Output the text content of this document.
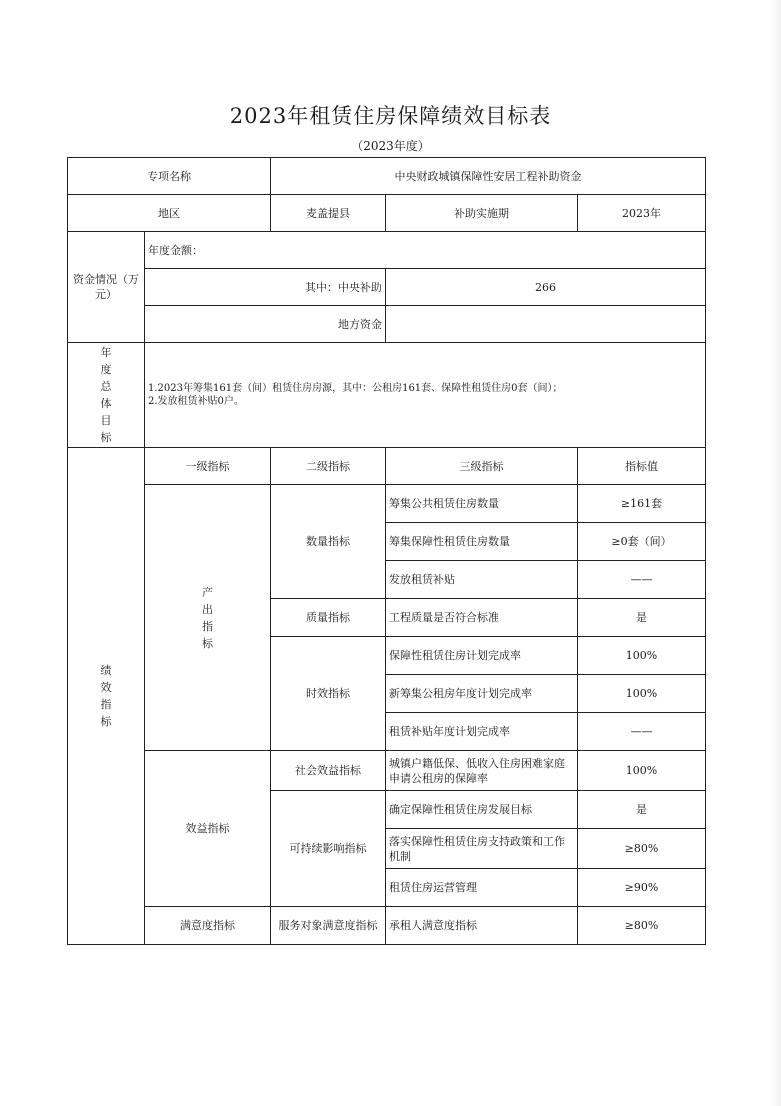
2023年租赁住房保障绩效目标表
（2023年度）
专项名称		中央财政城镇保障性安居工程补助资金		
地区		麦盖提县	补助实施期	2023年
资金情况（万元）	年度金额：			
	其中：中央补助		266	
	地方资金			

年度总体目标	1.2023年筹集161套（间）租赁住房房源，其中：公租房161套、保障性租赁住房0套（间）；
2.发放租赁补贴0户。			

绩效指标	一级指标	二级指标	三级指标	指标值

	产出指标	数量指标	筹集公共租赁住房数量	≥161套
			筹集保障性租赁住房数量	≥0套（间）
			发放租赁补贴	——
		质量指标	工程质量是否符合标准	是
		时效指标	保障性租赁住房计划完成率	100%
			新筹集公租房年度计划完成率	100%
			租赁补贴年度计划完成率	——
	效益指标	社会效益指标	城镇户籍低保、低收入住房困难家庭申请公租房的保障率	100%
		可持续影响指标	确定保障性租赁住房发展目标	是
			落实保障性租赁住房支持政策和工作机制	≥80%
			租赁住房运营管理	≥90%
	满意度指标	服务对象满意度指标	承租人满意度指标	≥80%
